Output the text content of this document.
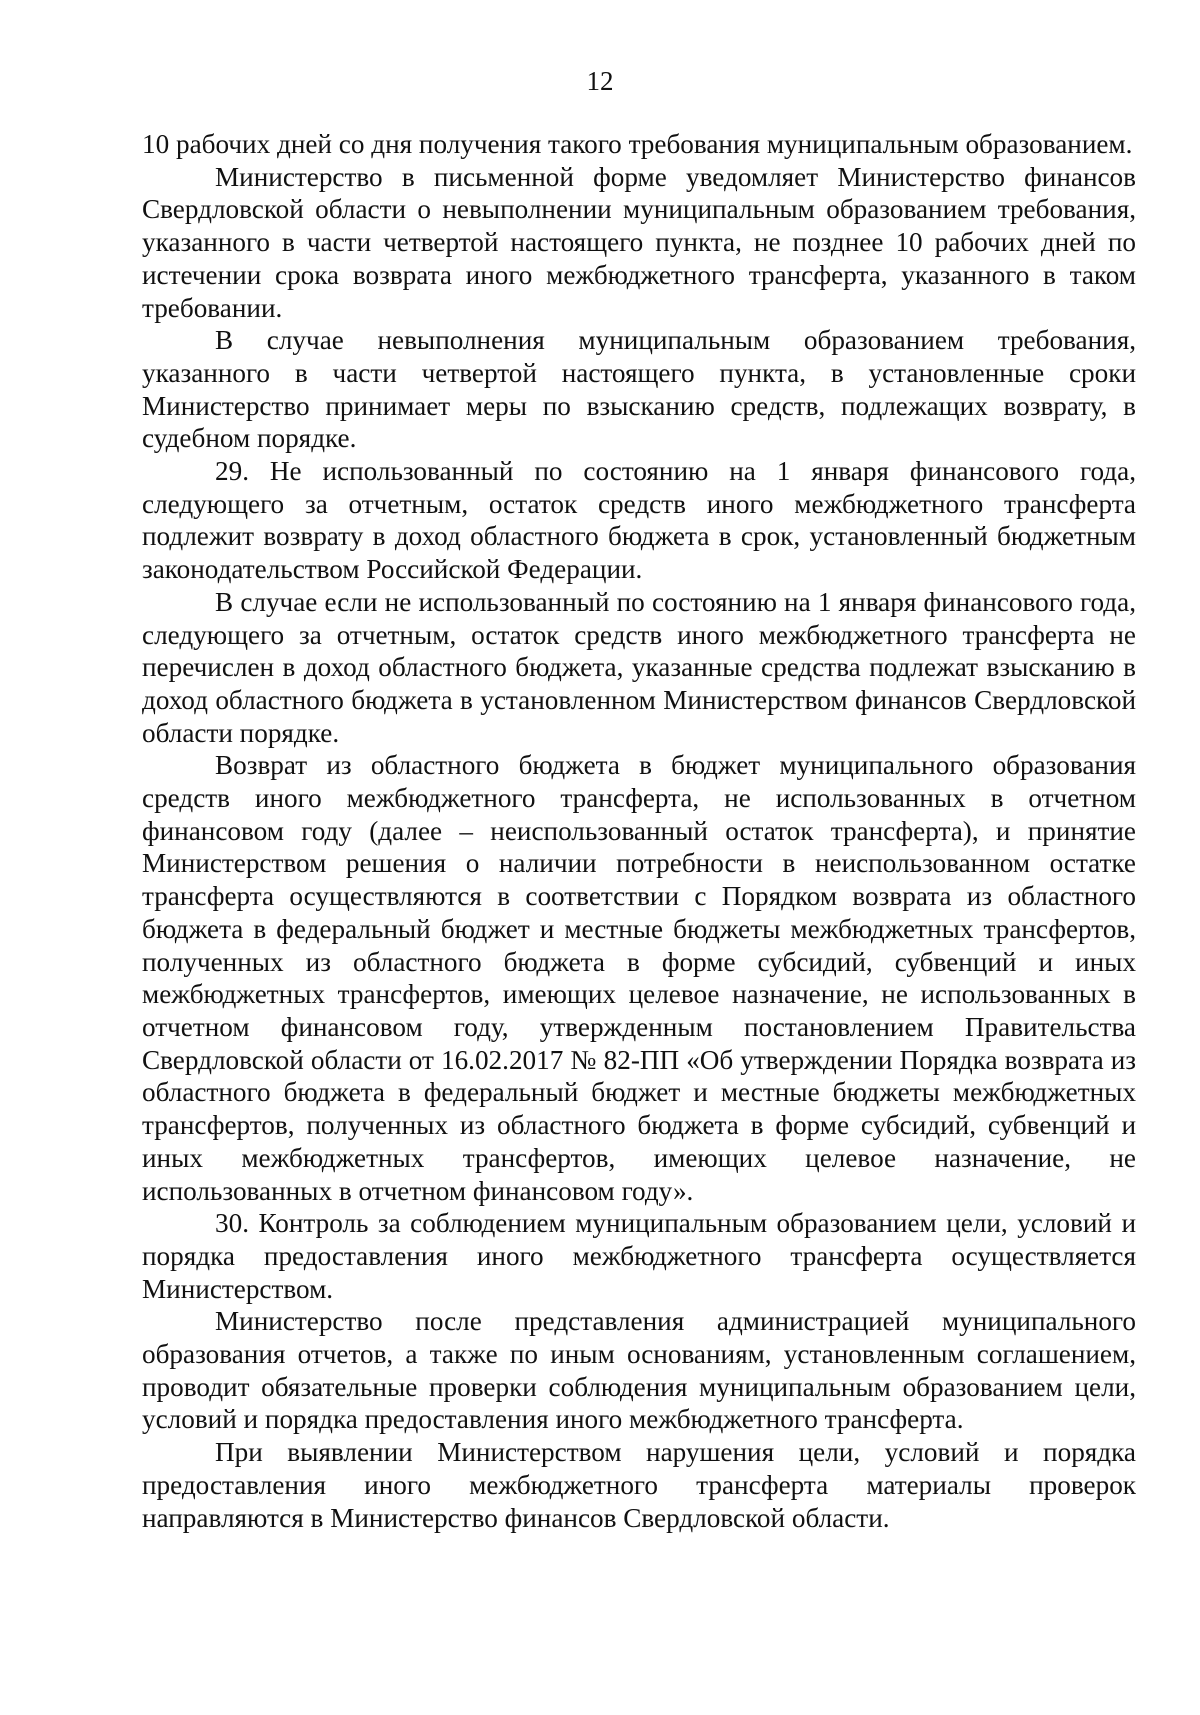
12

10 рабочих дней со дня получения такого требования муниципальным образованием.

Министерство в письменной форме уведомляет Министерство финансов Свердловской области о невыполнении муниципальным образованием требования, указанного в части четвертой настоящего пункта, не позднее 10 рабочих дней по истечении срока возврата иного межбюджетного трансферта, указанного в таком требовании.

В случае невыполнения муниципальным образованием требования, указанного в части четвертой настоящего пункта, в установленные сроки Министерство принимает меры по взысканию средств, подлежащих возврату, в судебном порядке.

29. Не использованный по состоянию на 1 января финансового года, следующего за отчетным, остаток средств иного межбюджетного трансферта подлежит возврату в доход областного бюджета в срок, установленный бюджетным законодательством Российской Федерации.

В случае если не использованный по состоянию на 1 января финансового года, следующего за отчетным, остаток средств иного межбюджетного трансферта не перечислен в доход областного бюджета, указанные средства подлежат взысканию в доход областного бюджета в установленном Министерством финансов Свердловской области порядке.

Возврат из областного бюджета в бюджет муниципального образования средств иного межбюджетного трансферта, не использованных в отчетном финансовом году (далее – неиспользованный остаток трансферта), и принятие Министерством решения о наличии потребности в неиспользованном остатке трансферта осуществляются в соответствии с Порядком возврата из областного бюджета в федеральный бюджет и местные бюджеты межбюджетных трансфертов, полученных из областного бюджета в форме субсидий, субвенций и иных межбюджетных трансфертов, имеющих целевое назначение, не использованных в отчетном финансовом году, утвержденным постановлением Правительства Свердловской области от 16.02.2017 № 82-ПП «Об утверждении Порядка возврата из областного бюджета в федеральный бюджет и местные бюджеты межбюджетных трансфертов, полученных из областного бюджета в форме субсидий, субвенций и иных межбюджетных трансфертов, имеющих целевое назначение, не использованных в отчетном финансовом году».

30. Контроль за соблюдением муниципальным образованием цели, условий и порядка предоставления иного межбюджетного трансферта осуществляется Министерством.

Министерство после представления администрацией муниципального образования отчетов, а также по иным основаниям, установленным соглашением, проводит обязательные проверки соблюдения муниципальным образованием цели, условий и порядка предоставления иного межбюджетного трансферта.

При выявлении Министерством нарушения цели, условий и порядка предоставления иного межбюджетного трансферта материалы проверок направляются в Министерство финансов Свердловской области.
